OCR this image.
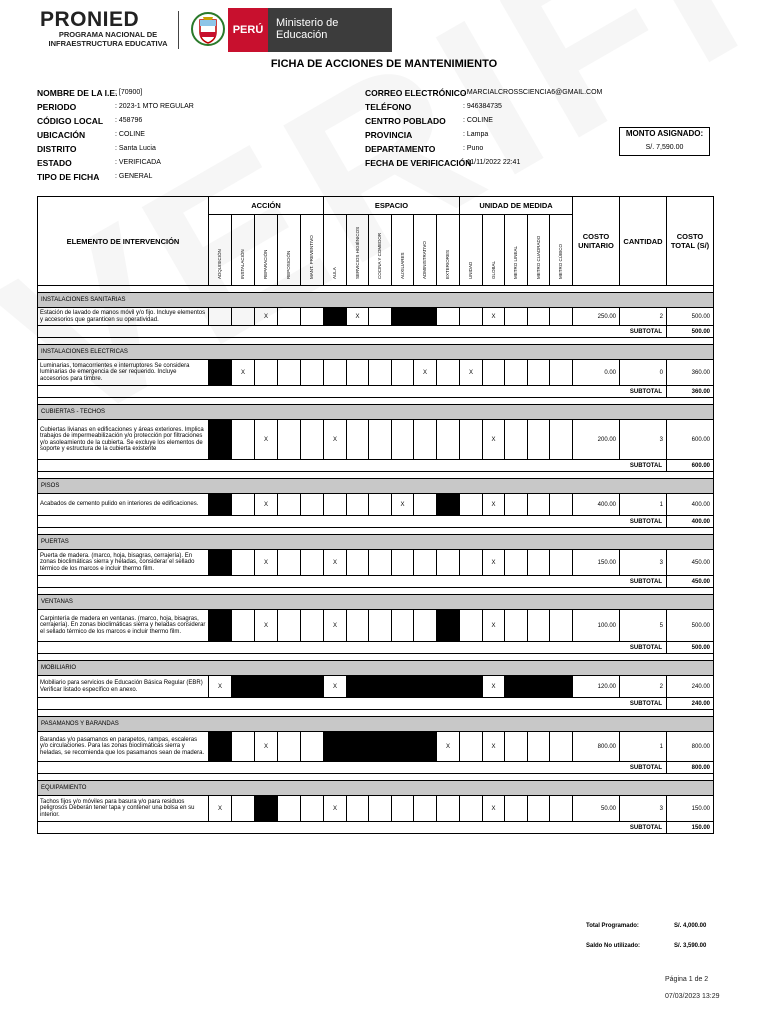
PRONIED
PROGRAMA NACIONAL DE INFRAESTRUCTURA EDUCATIVA
PERÚ
Ministerio de Educación
FICHA DE ACCIONES DE MANTENIMIENTO
NOMBRE DE LA I.E.
: [70900]
PERIODO	: 2023-1 MTO REGULAR
CÓDIGO LOCAL : 458796
UBICACIÓN	: COLINE
DISTRITO	: Santa Lucia
ESTADO	: VERIFICADA
TIPO DE FICHA : GENERAL
CORREO ELECTRÓNICO
: MARCIALCROSSCIENCIA6@GMAIL.COM
TELÉFONO	: 946384735
CENTRO POBLADO : COLINE
PROVINCIA	: Lampa
DEPARTAMENTO	: Puno
FECHA DE VERIFICACIÓN
: 11/11/2022 22:41
MONTO ASIGNADO:
S/. 7,590.00
ELEMENTO DE INTERVENCIÓN	ACCIÓN					ESPACIO						UNIDAD DE MEDIDA					COSTO UNITARIO	CANTIDAD	COSTO TOTAL (S/)

	ADQUISICIÓN	INSTALACIÓN	REPARACIÓN	REPOSICIÓN	MANT. PREVENTIVO	AULA	SERVICIOS HIGIÉNICOS	COCINA Y COMEDOR	AUXILIARES	ADMINISTRATIVO	EXTERIORES	UNIDAD	GLOBAL	METRO LINEAL	METRO CUADRADO	METRO CÚBICO			

INSTALACIONES SANITARIAS																			
Estación de lavado de manos móvil y/o fijo. Incluye elementos y accesorios que garanticen su operatividad.			X				X						X				250.00	2	500.00
																	SUBTOTAL		500.00

INSTALACIONES ELECTRICAS																			
Luminarias, tomacorrientes e interruptores Se considera luminarias de emergencia de ser requerido. Incluye accesorios para timbre.		X								X		X					0.00	0	360.00
																	SUBTOTAL		360.00

CUBIERTAS - TECHOS																			
Cubiertas livianas en edificaciones y áreas exteriores. Implica trabajos de impermeabilización y/o protección por filtraciones y/o asoleamiento de la cubierta. Se excluye los elementos de soporte y estructura de la cubierta existente			X			X							X				200.00	3	600.00
																	SUBTOTAL		600.00

PISOS																			
Acabados de cemento pulido en interiores de edificaciones.			X						X				X				400.00	1	400.00
																	SUBTOTAL		400.00

PUERTAS																			
Puerta de madera. (marco, hoja, bisagras, cerrajería). En zonas bioclimáticas sierra y heladas, considerar el sellado térmico de los marcos e incluir thermo film.			X			X							X				150.00	3	450.00
																	SUBTOTAL		450.00

VENTANAS																			
Carpintería de madera en ventanas. (marco, hoja, bisagras, cerrajería). En zonas bioclimáticas sierra y heladas considerar el sellado térmico de los marcos e incluir thermo film.			X			X							X				100.00	5	500.00
																	SUBTOTAL		500.00

MOBILIARIO																			
Mobiliario para servicios de Educación Básica Regular (EBR) Verificar listado específico en anexo.	X					X							X				120.00	2	240.00
																	SUBTOTAL		240.00

PASAMANOS Y BARANDAS																			
Barandas y/o pasamanos en parapetos, rampas, escaleras y/o circulaciones. Para las zonas bioclimáticas sierra y heladas, se recomienda que los pasamanos sean de madera.			X								X		X				800.00	1	800.00
																	SUBTOTAL		800.00

EQUIPAMIENTO																			
Tachos fijos y/o móviles para basura y/o para residuos peligrosos Deberán tener tapa y contener una bolsa en su interior.	X					X							X				50.00	3	150.00
																	SUBTOTAL		150.00
Total Programado:	S/. 4,000.00
Saldo No utilizado:	S/. 3,590.00
Página 1 de 2
07/03/2023 13:29
